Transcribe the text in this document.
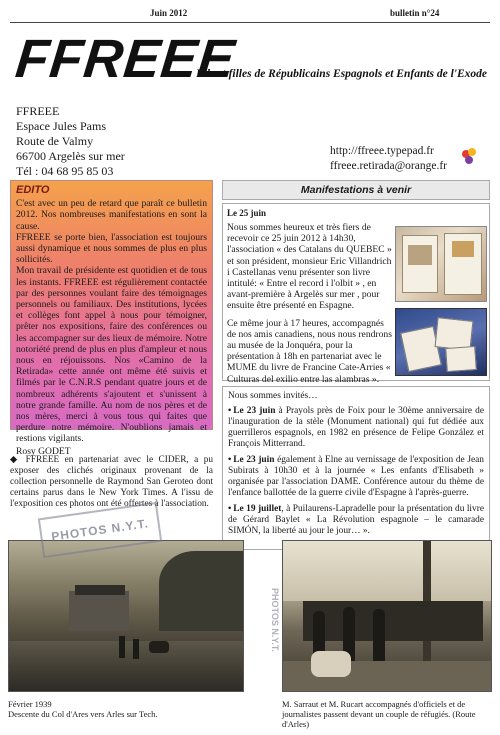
Juin 2012	bulletin n°24
FFREEE
Fils et filles de Républicains Espagnols et Enfants de l'Exode
FFREEE
Espace Jules Pams
Route de Valmy
66700 Argelès sur mer
Tél : 04 68 95 85 03
http://ffreee.typepad.fr
ffreee.retirada@orange.fr
EDITO

C'est avec un peu de retard que paraît ce bulletin 2012. Nos nombreuses manifestations en sont la cause.

FFREEE se porte bien, l'association est toujours aussi dynamique et nous sommes de plus en plus sollicités.

Mon travail de présidente est quotidien et de tous les instants. FFREEE est régulièrement contactée par des personnes voulant faire des témoignages personnels ou familiaux. Des institutions, lycées et collèges font appel à nous pour témoigner, prêter nos expositions, faire des conférences ou les accompagner sur des lieux de mémoire. Notre notoriété prend de plus en plus d'ampleur et nous nous en réjouissons. Nos «Camino de la Retirada» cette année ont même été suivis et filmés par le C.N.R.S pendant quatre jours et de nombreux adhérents s'ajoutent et s'unissent à notre grande famille. Au nom de nos pères et de nos mères, merci à vous tous qui faites que perdure notre mémoire. N'oublions jamais et restions vigilants.

Rosy GODET

◆ FFREEE en partenariat avec le CIDER, a pu exposer des clichés originaux provenant de la collection personnelle de Raymond San Geroteo dont certains parus dans le New York Times. A l'issu de l'exposition ces photos ont été offertes à l'association.
Manifestations à venir
Le 25 juin

Nous sommes heureux et très fiers de recevoir ce 25 juin 2012 à 14h30, l'association « des Catalans du QUEBEC » et son président, monsieur Eric Villandrich i Castellanas venu présenter son livre intitulé: « Entre el record i l'olbit » , en avant-première à Argelès sur mer , pour ensuite être présenté en Espagne.

Ce même jour à 17 heures, accompagnés de nos amis canadiens, nous nous rendrons au musée de la Jonquéra, pour la présentation à 18h en partenariat avec le MUME du livre de Francine Cate-Arries « Culturas del exilio entre las alambras ».

Nous sommes invités…
• Le 23 juin à Prayols près de Foix pour le 30ème anniversaire de l'inauguration de la stèle (Monument national) qui fut dédiée aux guerrilleros espagnols, en 1982 en présence de Felipe González et François Mitterrand.
• Le 23 juin également à Elne au vernissage de l'exposition de Jean Subirats à 10h30 et à la journée « Les enfants d'Elisabeth » organisée par l'association DAME. Conférence autour du thème de l'enfance ballottée de la guerre civile d'Espagne à l'après-guerre.
• Le 19 juillet, à Puilaurens-Lapradelle pour la présentation du livre de Gérard Baylet « La Révolution espagnole – le camarade SIMÓN, la liberté au jour le jour… ».
PHOTOS N.Y.T.
PHOTOS N.Y.T.
Février 1939
Descente du Col d'Ares vers Arles sur Tech.
M. Sarraut et M. Rucart accompagnés d'officiels et de journalistes passent devant un couple de réfugiés. (Route d'Arles)
